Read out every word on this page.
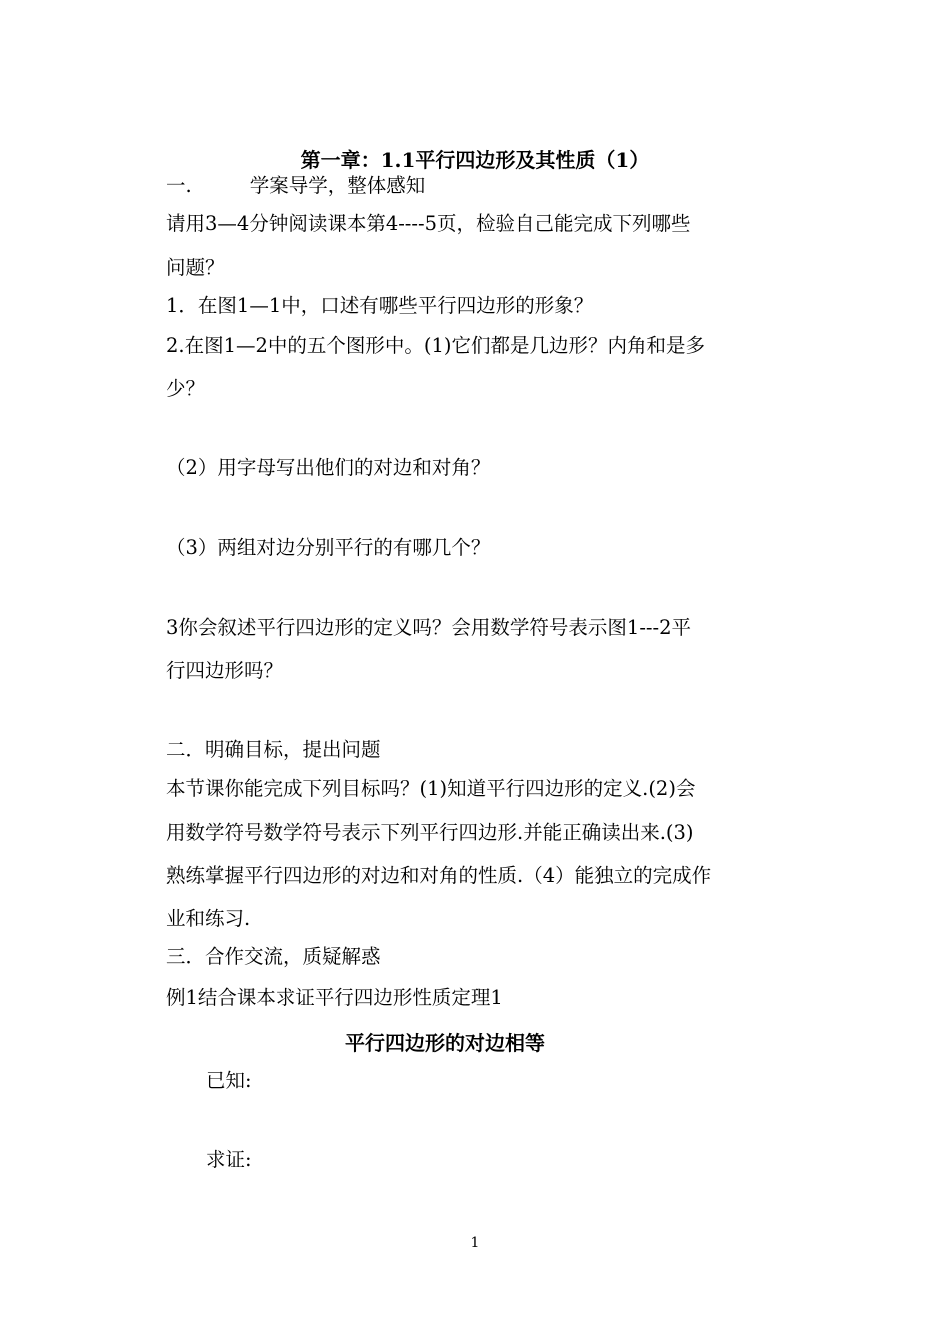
第一章：1.1平行四边形及其性质（1）
一.	学案导学，整体感知
请用3—4分钟阅读课本第4----5页，检验自己能完成下列哪些
问题？
1．在图1—1中，口述有哪些平行四边形的形象？
2.在图1—2中的五个图形中。(1)它们都是几边形？内角和是多
少？
（2）用字母写出他们的对边和对角？
（3）两组对边分别平行的有哪几个？
3你会叙述平行四边形的定义吗？会用数学符号表示图1---2平
行四边形吗？
二．明确目标，提出问题
本节课你能完成下列目标吗？(1)知道平行四边形的定义.(2)会
用数学符号数学符号表示下列平行四边形.并能正确读出来.(3)
熟练掌握平行四边形的对边和对角的性质.（4）能独立的完成作
业和练习.
三．合作交流，质疑解惑
例1结合课本求证平行四边形性质定理1
平行四边形的对边相等
已知:
求证:
1
